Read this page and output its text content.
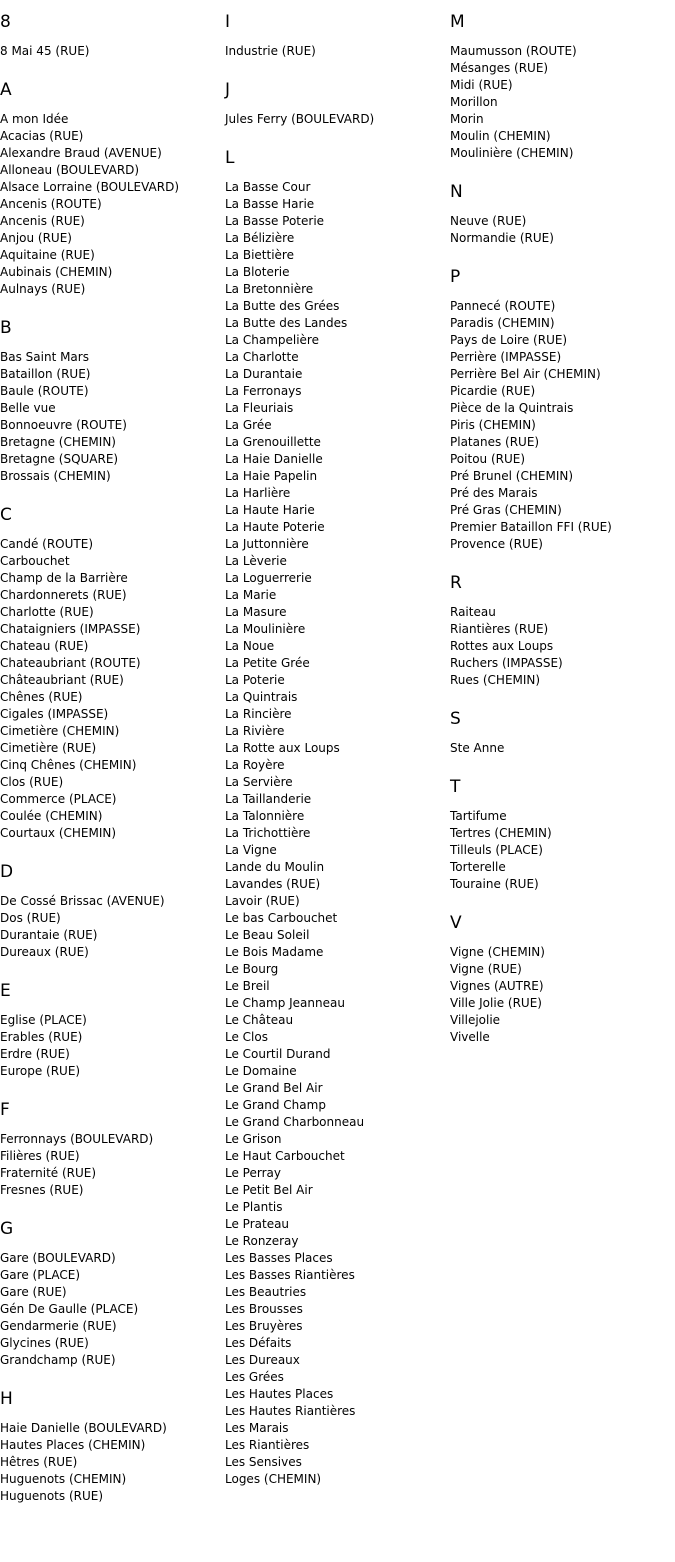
8
8 Mai 45 (RUE)
A
A mon Idée
Acacias (RUE)
Alexandre Braud (AVENUE)
Alloneau (BOULEVARD)
Alsace Lorraine (BOULEVARD)
Ancenis (ROUTE)
Ancenis (RUE)
Anjou (RUE)
Aquitaine (RUE)
Aubinais (CHEMIN)
Aulnays (RUE)
B
Bas Saint Mars
Bataillon (RUE)
Baule (ROUTE)
Belle vue
Bonnoeuvre (ROUTE)
Bretagne (CHEMIN)
Bretagne (SQUARE)
Brossais (CHEMIN)
C
Candé (ROUTE)
Carbouchet
Champ de la Barrière
Chardonnerets (RUE)
Charlotte (RUE)
Chataigniers (IMPASSE)
Chateau (RUE)
Chateaubriant (ROUTE)
Châteaubriant (RUE)
Chênes (RUE)
Cigales (IMPASSE)
Cimetière (CHEMIN)
Cimetière (RUE)
Cinq Chênes (CHEMIN)
Clos (RUE)
Commerce (PLACE)
Coulée (CHEMIN)
Courtaux (CHEMIN)
D
De Cossé Brissac (AVENUE)
Dos (RUE)
Durantaie (RUE)
Dureaux (RUE)
E
Eglise (PLACE)
Erables (RUE)
Erdre (RUE)
Europe (RUE)
F
Ferronnays (BOULEVARD)
Filières (RUE)
Fraternité (RUE)
Fresnes (RUE)
G
Gare (BOULEVARD)
Gare (PLACE)
Gare (RUE)
Gén De Gaulle (PLACE)
Gendarmerie (RUE)
Glycines (RUE)
Grandchamp (RUE)
H
Haie Danielle (BOULEVARD)
Hautes Places (CHEMIN)
Hêtres (RUE)
Huguenots (CHEMIN)
Huguenots (RUE)
I
Industrie (RUE)
J
Jules Ferry (BOULEVARD)
L
La Basse Cour
La Basse Harie
La Basse Poterie
La Bélizière
La Biettière
La Bloterie
La Bretonnière
La Butte des Grées
La Butte des Landes
La Champelière
La Charlotte
La Durantaie
La Ferronays
La Fleuriais
La Grée
La Grenouillette
La Haie Danielle
La Haie Papelin
La Harlière
La Haute Harie
La Haute Poterie
La Juttonnière
La Lèverie
La Loguerrerie
La Marie
La Masure
La Moulinière
La Noue
La Petite Grée
La Poterie
La Quintrais
La Rincière
La Rivière
La Rotte aux Loups
La Royère
La Servière
La Taillanderie
La Talonnière
La Trichottière
La Vigne
Lande du Moulin
Lavandes (RUE)
Lavoir (RUE)
Le bas Carbouchet
Le Beau Soleil
Le Bois Madame
Le Bourg
Le Breil
Le Champ Jeanneau
Le Château
Le Clos
Le Courtil Durand
Le Domaine
Le Grand Bel Air
Le Grand Champ
Le Grand Charbonneau
Le Grison
Le Haut Carbouchet
Le Perray
Le Petit Bel Air
Le Plantis
Le Prateau
Le Ronzeray
Les Basses Places
Les Basses Riantières
Les Beautries
Les Brousses
Les Bruyères
Les Défaits
Les Dureaux
Les Grées
Les Hautes Places
Les Hautes Riantières
Les Marais
Les Riantières
Les Sensives
Loges (CHEMIN)
M
Maumusson (ROUTE)
Mésanges (RUE)
Midi (RUE)
Morillon
Morin
Moulin (CHEMIN)
Moulinière (CHEMIN)
N
Neuve (RUE)
Normandie (RUE)
P
Pannecé (ROUTE)
Paradis (CHEMIN)
Pays de Loire (RUE)
Perrière (IMPASSE)
Perrière Bel Air (CHEMIN)
Picardie (RUE)
Pièce de la Quintrais
Piris (CHEMIN)
Platanes (RUE)
Poitou (RUE)
Pré Brunel (CHEMIN)
Pré des Marais
Pré Gras (CHEMIN)
Premier Bataillon FFI (RUE)
Provence (RUE)
R
Raiteau
Riantières (RUE)
Rottes aux Loups
Ruchers (IMPASSE)
Rues (CHEMIN)
S
Ste Anne
T
Tartifume
Tertres (CHEMIN)
Tilleuls (PLACE)
Torterelle
Touraine (RUE)
V
Vigne (CHEMIN)
Vigne (RUE)
Vignes (AUTRE)
Ville Jolie (RUE)
Villejolie
Vivelle
